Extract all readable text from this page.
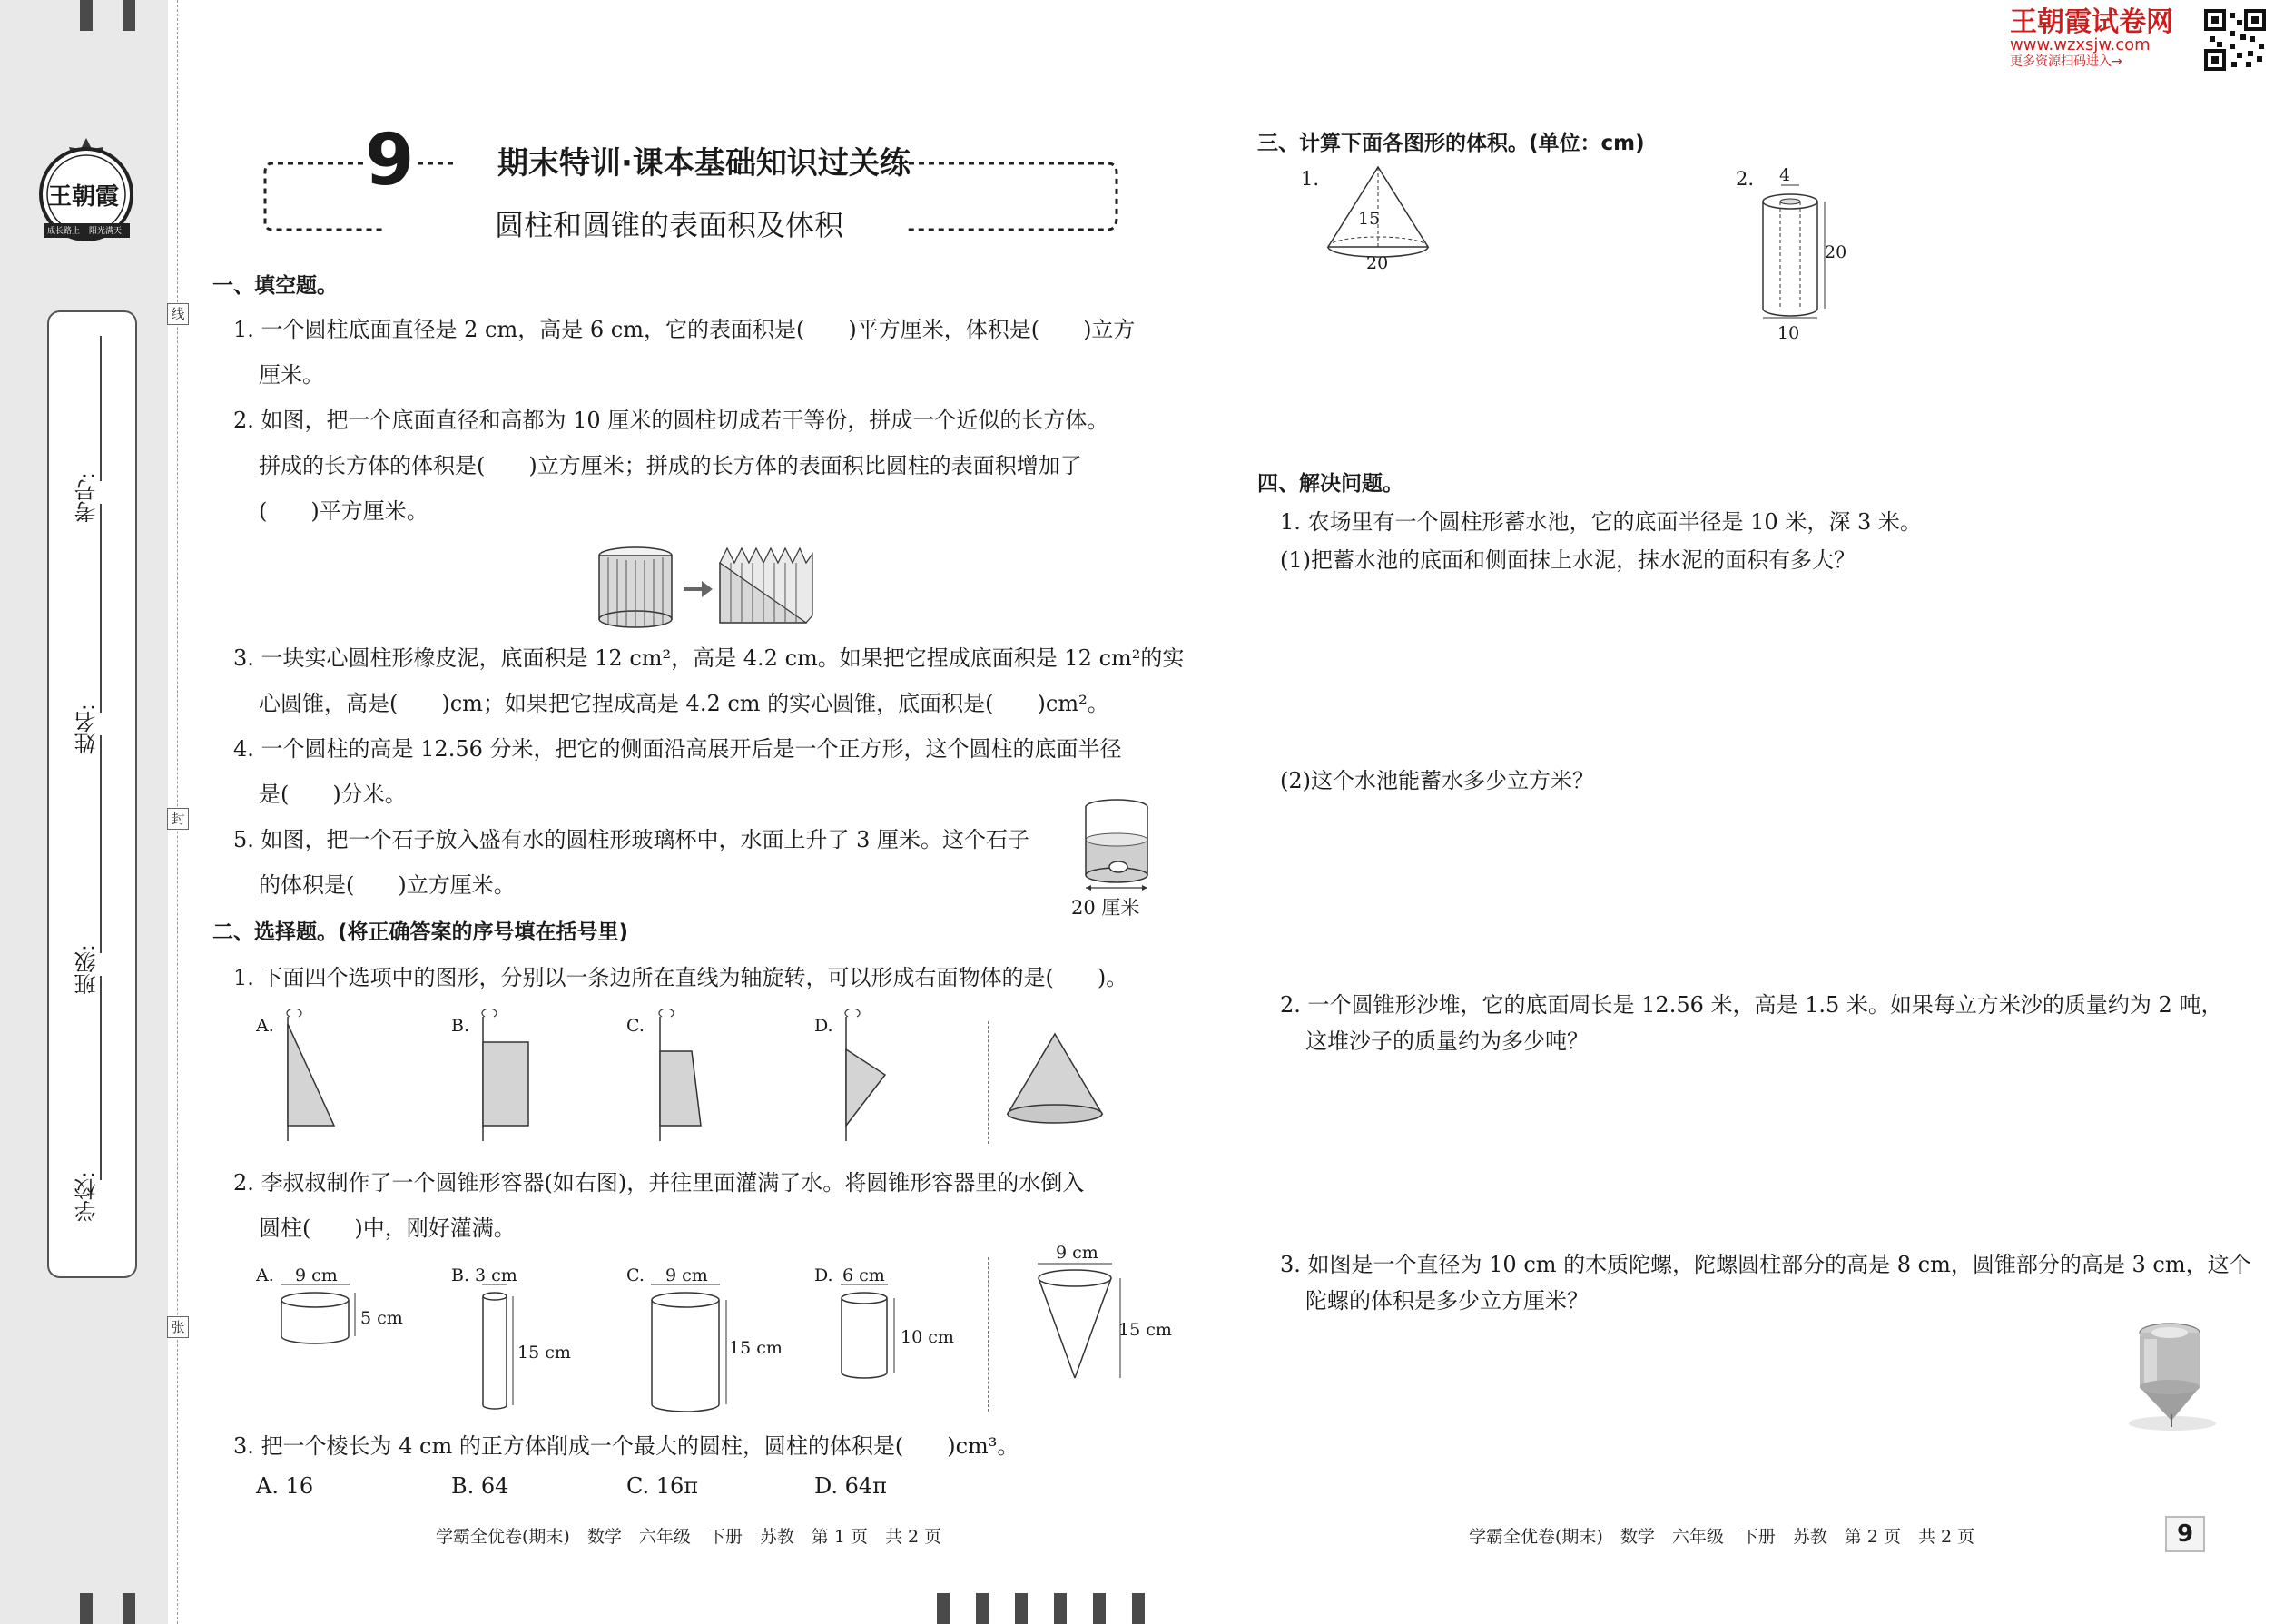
王朝霞
成长路上 阳光满天
考号:
姓名:
班级:
学校:
线
封
张
9	期末特训·课本基础知识过关练
圆柱和圆锥的表面积及体积
王朝霞试卷网
www.wzxsjw.com
更多资源扫码进入→
一、填空题。
1. 一个圆柱底面直径是 2 cm，高是 6 cm，它的表面积是(　　)平方厘米，体积是(　　)立方
厘米。
2. 如图，把一个底面直径和高都为 10 厘米的圆柱切成若干等份，拼成一个近似的长方体。
拼成的长方体的体积是(　　)立方厘米；拼成的长方体的表面积比圆柱的表面积增加了
(　　)平方厘米。
3. 一块实心圆柱形橡皮泥，底面积是 12 cm²，高是 4.2 cm。如果把它捏成底面积是 12 cm²的实
心圆锥，高是(　　)cm；如果把它捏成高是 4.2 cm 的实心圆锥，底面积是(　　)cm²。
4. 一个圆柱的高是 12.56 分米，把它的侧面沿高展开后是一个正方形，这个圆柱的底面半径
是(　　)分米。
5. 如图，把一个石子放入盛有水的圆柱形玻璃杯中，水面上升了 3 厘米。这个石子
的体积是(　　)立方厘米。
20 厘米
二、选择题。(将正确答案的序号填在括号里)
1. 下面四个选项中的图形，分别以一条边所在直线为轴旋转，可以形成右面物体的是(　　)。
A.	B.	C.	D.
2. 李叔叔制作了一个圆锥形容器(如右图)，并往里面灌满了水。将圆锥形容器里的水倒入
圆柱(　　)中，刚好灌满。
A. 9 cm
5 cm
B. 3 cm
15 cm
C. 9 cm
15 cm
D. 6 cm
10 cm
9 cm
15 cm
3. 把一个棱长为 4 cm 的正方体削成一个最大的圆柱，圆柱的体积是(　　)cm³。
A. 16	B. 64	C. 16π	D. 64π
学霸全优卷(期末)　数学　六年级　下册　苏教　第 1 页　共 2 页
三、计算下面各图形的体积。(单位：cm)
1.
15
20
2. 4
20
10
四、解决问题。
1. 农场里有一个圆柱形蓄水池，它的底面半径是 10 米，深 3 米。
(1)把蓄水池的底面和侧面抹上水泥，抹水泥的面积有多大？
(2)这个水池能蓄水多少立方米？
2. 一个圆锥形沙堆，它的底面周长是 12.56 米，高是 1.5 米。如果每立方米沙的质量约为 2 吨，
这堆沙子的质量约为多少吨？
3. 如图是一个直径为 10 cm 的木质陀螺，陀螺圆柱部分的高是 8 cm，圆锥部分的高是 3 cm，这个
陀螺的体积是多少立方厘米？
学霸全优卷(期末)　数学　六年级　下册　苏教　第 2 页　共 2 页	9
